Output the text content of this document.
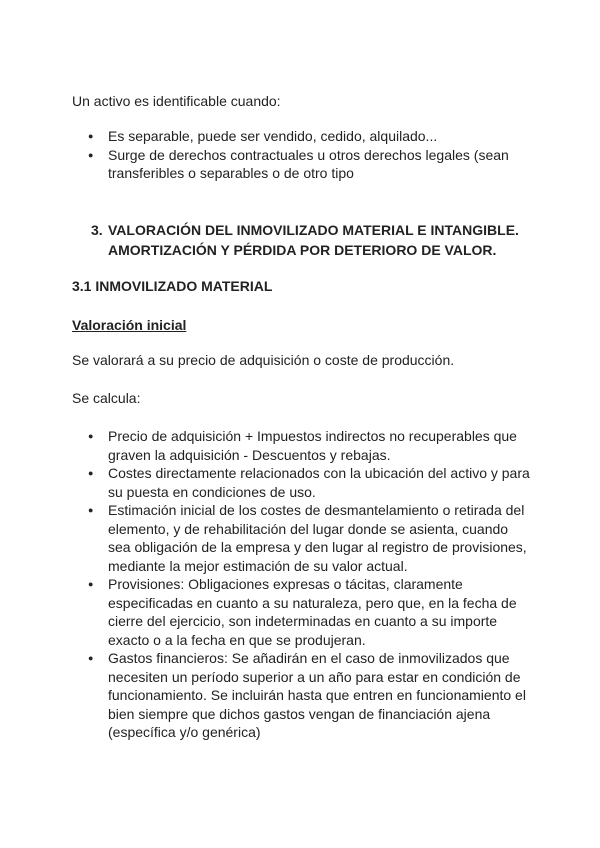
Un activo es identificable cuando:

● Es separable, puede ser vendido, cedido, alquilado...
● Surge de derechos contractuales u otros derechos legales (sean transferibles o separables o de otro tipo
3. VALORACIÓN DEL INMOVILIZADO MATERIAL E INTANGIBLE. AMORTIZACIÓN Y PÉRDIDA POR DETERIORO DE VALOR.

3.1 INMOVILIZADO MATERIAL

Valoración inicial

Se valorará a su precio de adquisición o coste de producción.

Se calcula:

● Precio de adquisición + Impuestos indirectos no recuperables que graven la adquisición - Descuentos y rebajas.
● Costes directamente relacionados con la ubicación del activo y para su puesta en condiciones de uso.
● Estimación inicial de los costes de desmantelamiento o retirada del elemento, y de rehabilitación del lugar donde se asienta, cuando sea obligación de la empresa y den lugar al registro de provisiones, mediante la mejor estimación de su valor actual.
● Provisiones: Obligaciones expresas o tácitas, claramente especificadas en cuanto a su naturaleza, pero que, en la fecha de cierre del ejercicio, son indeterminadas en cuanto a su importe exacto o a la fecha en que se produjeran.
● Gastos financieros: Se añadirán en el caso de inmovilizados que necesiten un período superior a un año para estar en condición de funcionamiento. Se incluirán hasta que entren en funcionamiento el bien siempre que dichos gastos vengan de financiación ajena (específica y/o genérica)
